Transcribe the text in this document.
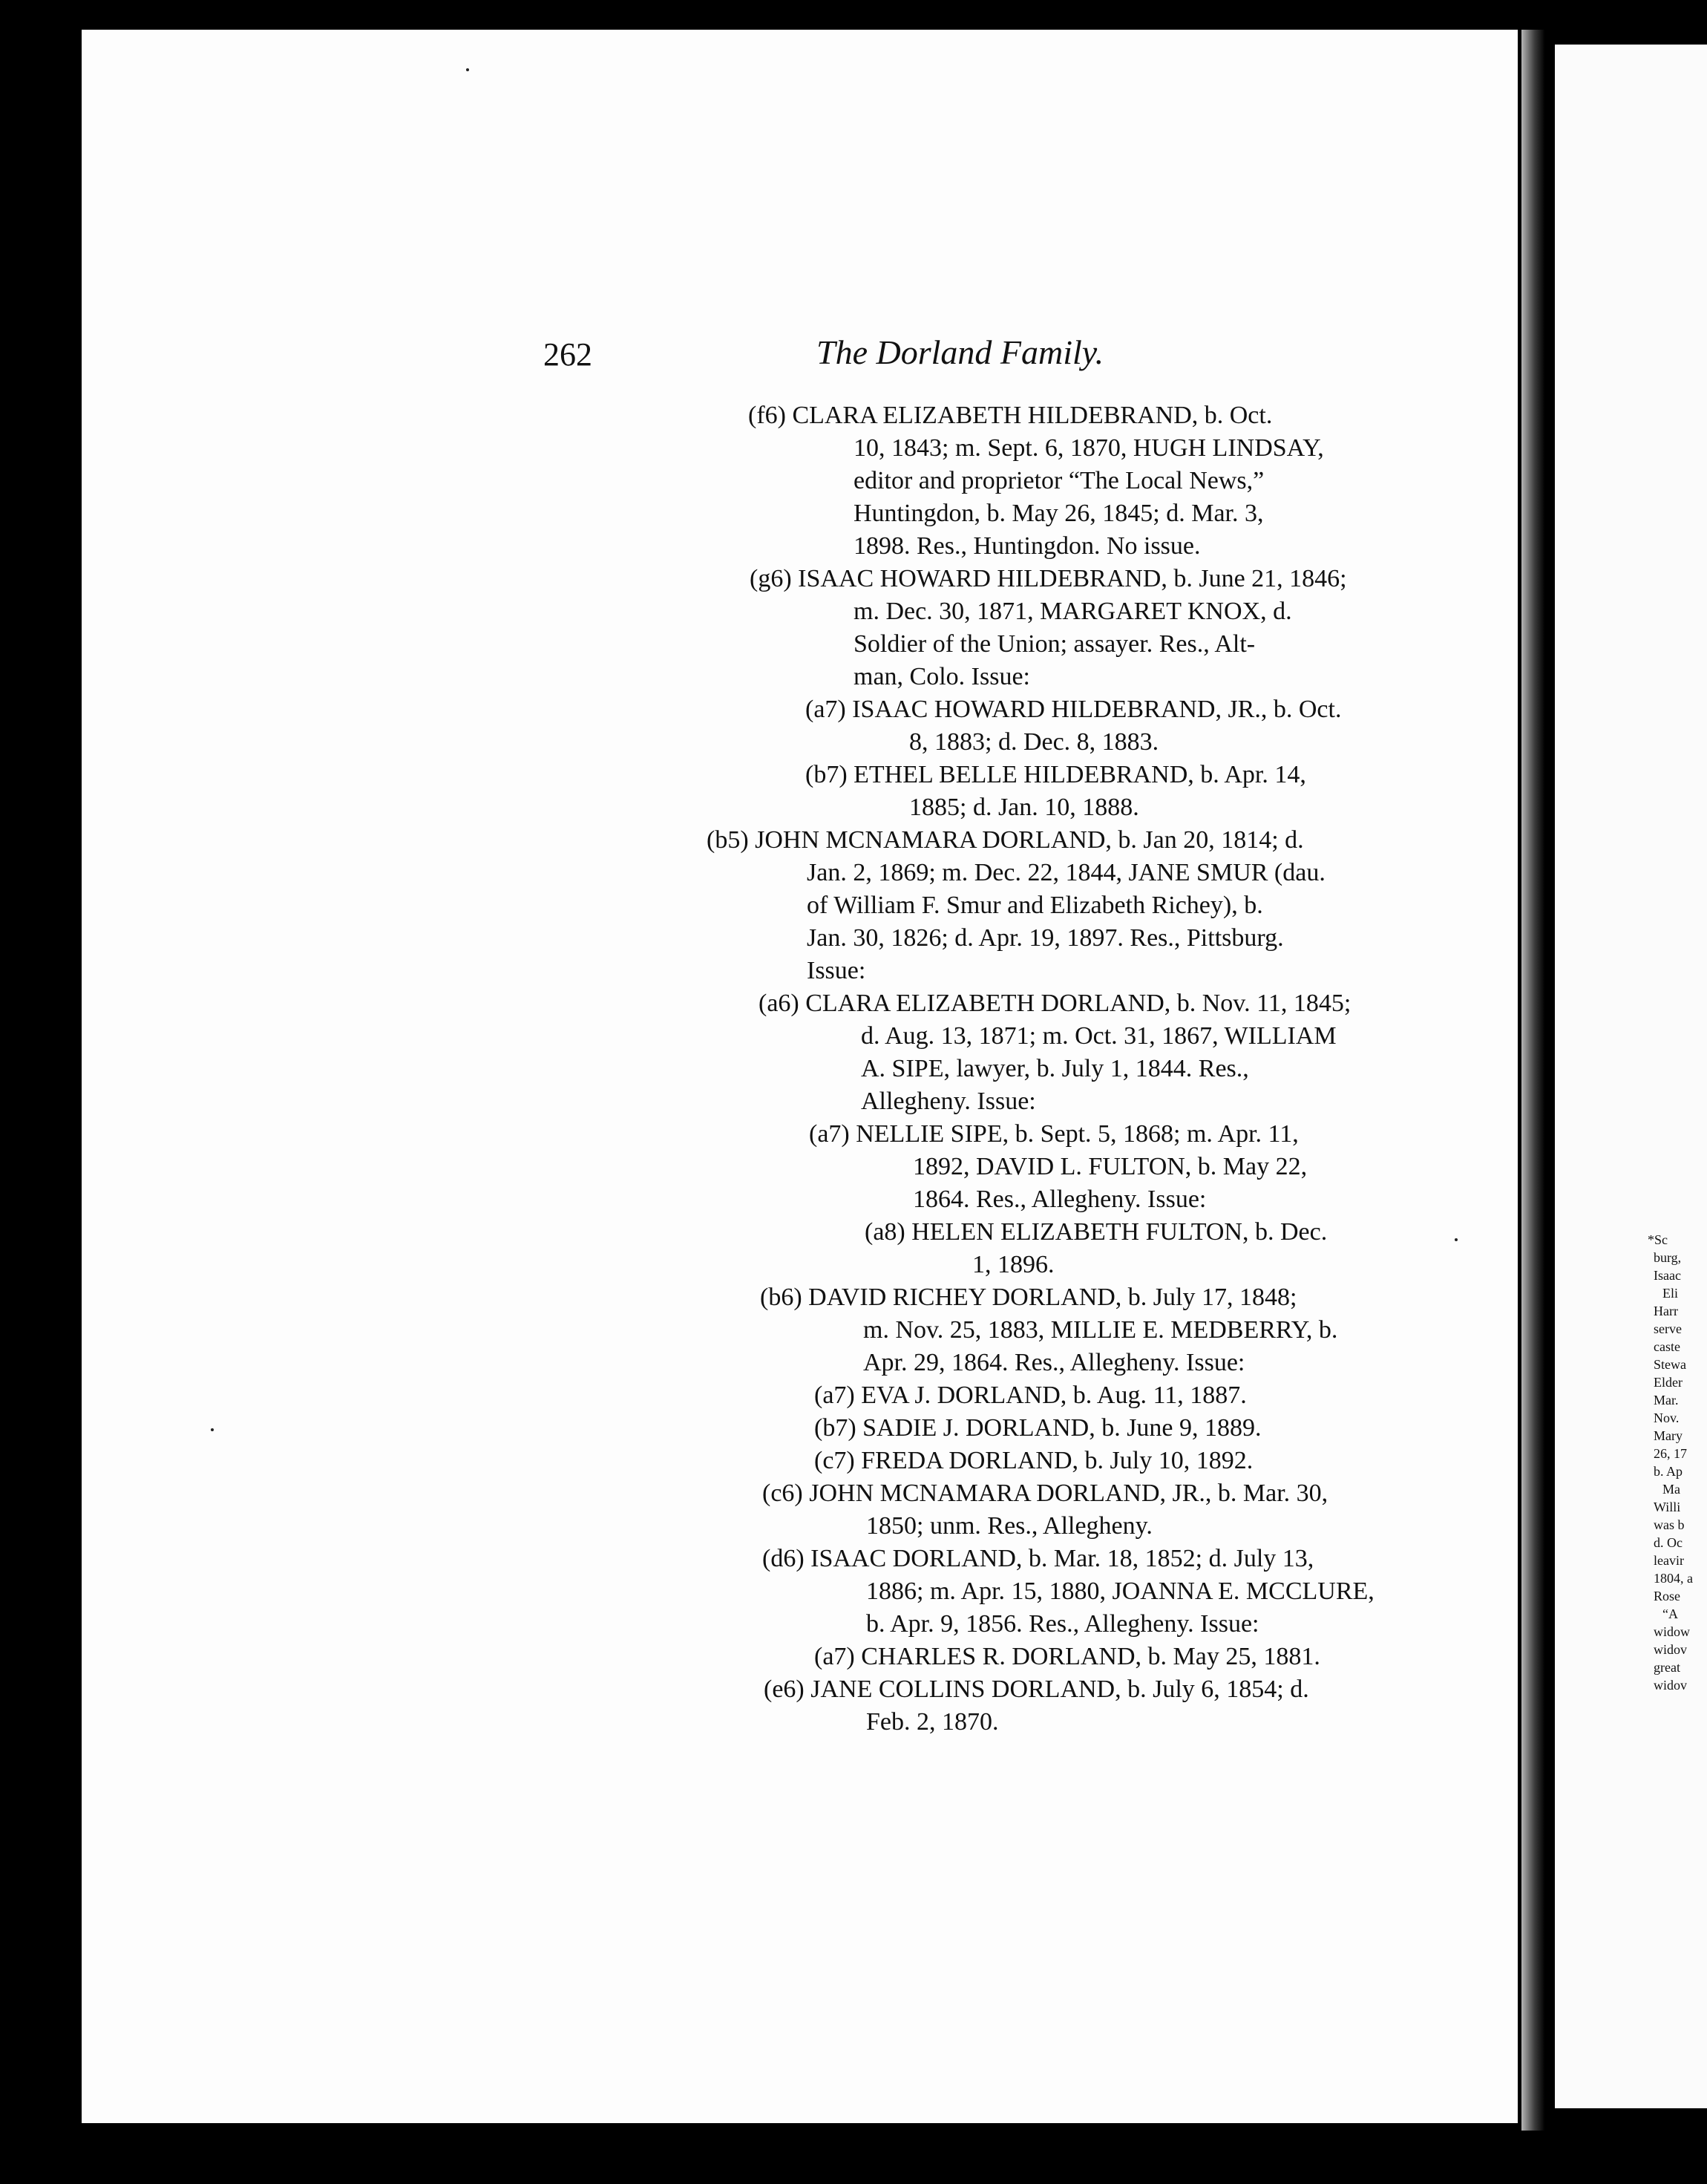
262	The Dorland Family.
(f6) CLARA ELIZABETH HILDEBRAND, b. Oct.
10, 1843; m. Sept. 6, 1870, HUGH LINDSAY,
editor and proprietor “The Local News,”
Huntingdon, b. May 26, 1845; d. Mar. 3,
1898. Res., Huntingdon. No issue.
(g6) ISAAC HOWARD HILDEBRAND, b. June 21, 1846;
m. Dec. 30, 1871, MARGARET KNOX, d.
Soldier of the Union; assayer. Res., Alt-
man, Colo. Issue:
(a7) ISAAC HOWARD HILDEBRAND, JR., b. Oct.
8, 1883; d. Dec. 8, 1883.
(b7) ETHEL BELLE HILDEBRAND, b. Apr. 14,
1885; d. Jan. 10, 1888.
(b5) JOHN MCNAMARA DORLAND, b. Jan 20, 1814; d.
Jan. 2, 1869; m. Dec. 22, 1844, JANE SMUR (dau.
of William F. Smur and Elizabeth Richey), b.
Jan. 30, 1826; d. Apr. 19, 1897. Res., Pittsburg.
Issue:
(a6) CLARA ELIZABETH DORLAND, b. Nov. 11, 1845;
d. Aug. 13, 1871; m. Oct. 31, 1867, WILLIAM
A. SIPE, lawyer, b. July 1, 1844. Res.,
Allegheny. Issue:
(a7) NELLIE SIPE, b. Sept. 5, 1868; m. Apr. 11,
1892, DAVID L. FULTON, b. May 22,
1864. Res., Allegheny. Issue:
(a8) HELEN ELIZABETH FULTON, b. Dec.
1, 1896.
(b6) DAVID RICHEY DORLAND, b. July 17, 1848;
m. Nov. 25, 1883, MILLIE E. MEDBERRY, b.
Apr. 29, 1864. Res., Allegheny. Issue:
(a7) EVA J. DORLAND, b. Aug. 11, 1887.
(b7) SADIE J. DORLAND, b. June 9, 1889.
(c7) FREDA DORLAND, b. July 10, 1892.
(c6) JOHN MCNAMARA DORLAND, JR., b. Mar. 30,
1850; unm. Res., Allegheny.
(d6) ISAAC DORLAND, b. Mar. 18, 1852; d. July 13,
1886; m. Apr. 15, 1880, JOANNA E. MCCLURE,
b. Apr. 9, 1856. Res., Allegheny. Issue:
(a7) CHARLES R. DORLAND, b. May 25, 1881.
(e6) JANE COLLINS DORLAND, b. July 6, 1854; d.
Feb. 2, 1870.
*Sc
burg,
Isaac
Eli
Harr
serve
caste
Stewa
Elder
Mar.
Nov.
Mary
26, 17
b. Ap
Ma
Willi
was b
d. Oc
leavir
1804, a
Rose
“A
widow
widov
great
widov
